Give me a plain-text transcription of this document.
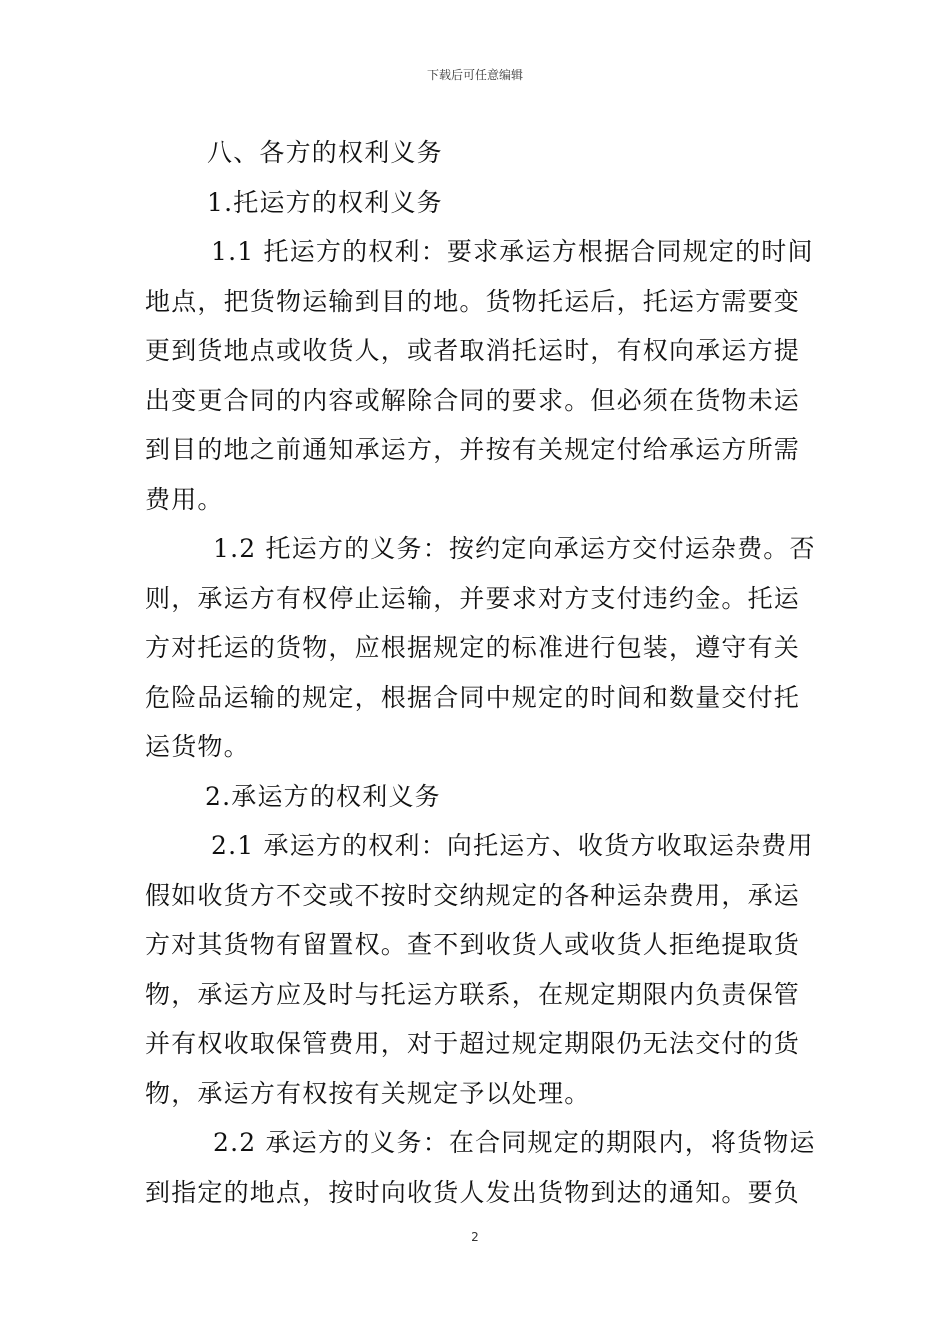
下载后可任意编辑
八、各方的权利义务
1.托运方的权利义务
1.1 托运方的权利：要求承运方根据合同规定的时间
地点，把货物运输到目的地。货物托运后，托运方需要变
更到货地点或收货人，或者取消托运时，有权向承运方提
出变更合同的内容或解除合同的要求。但必须在货物未运
到目的地之前通知承运方，并按有关规定付给承运方所需
费用。
1.2 托运方的义务：按约定向承运方交付运杂费。否
则，承运方有权停止运输，并要求对方支付违约金。托运
方对托运的货物，应根据规定的标准进行包装，遵守有关
危险品运输的规定，根据合同中规定的时间和数量交付托
运货物。
2.承运方的权利义务
2.1 承运方的权利：向托运方、收货方收取运杂费用
假如收货方不交或不按时交纳规定的各种运杂费用，承运
方对其货物有留置权。查不到收货人或收货人拒绝提取货
物，承运方应及时与托运方联系，在规定期限内负责保管
并有权收取保管费用，对于超过规定期限仍无法交付的货
物，承运方有权按有关规定予以处理。
2.2 承运方的义务：在合同规定的期限内，将货物运
到指定的地点，按时向收货人发出货物到达的通知。要负
2
